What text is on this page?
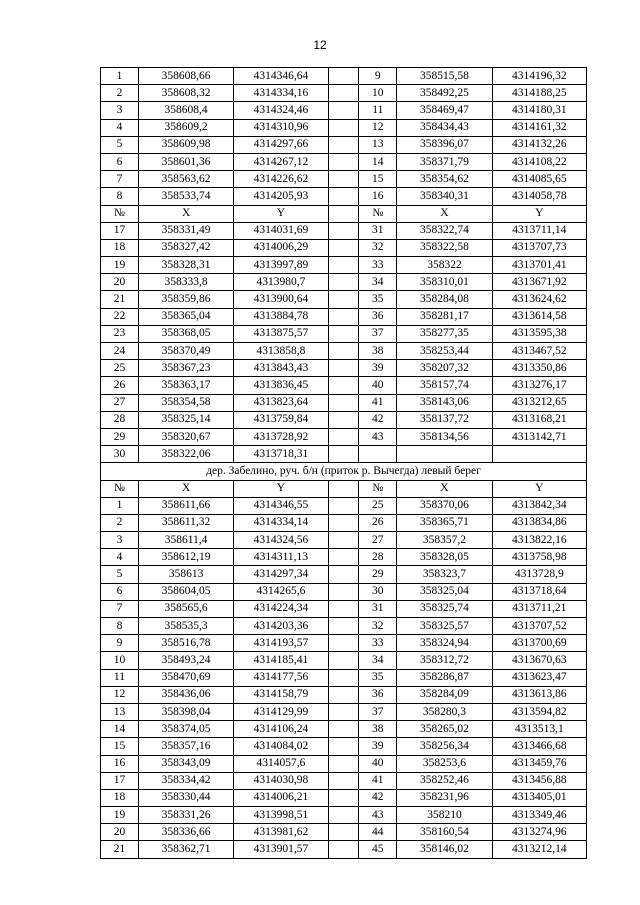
12
1	358608,66	4314346,64		9	358515,58	4314196,32
2	358608,32	4314334,16		10	358492,25	4314188,25
3	358608,4	4314324,46		11	358469,47	4314180,31
4	358609,2	4314310,96		12	358434,43	4314161,32
5	358609,98	4314297,66		13	358396,07	4314132,26
6	358601,36	4314267,12		14	358371,79	4314108,22
7	358563,62	4314226,62		15	358354,62	4314085,65
8	358533,74	4314205,93		16	358340,31	4314058,78
№	X	Y		№	X	Y
17	358331,49	4314031,69		31	358322,74	4313711,14
18	358327,42	4314006,29		32	358322,58	4313707,73
19	358328,31	4313997,89		33	358322	4313701,41
20	358333,8	4313980,7		34	358310,01	4313671,92
21	358359,86	4313900,64		35	358284,08	4313624,62
22	358365,04	4313884,78		36	358281,17	4313614,58
23	358368,05	4313875,57		37	358277,35	4313595,38
24	358370,49	4313858,8		38	358253,44	4313467,52
25	358367,23	4313843,43		39	358207,32	4313350,86
26	358363,17	4313836,45		40	358157,74	4313276,17
27	358354,58	4313823,64		41	358143,06	4313212,65
28	358325,14	4313759,84		42	358137,72	4313168,21
29	358320,67	4313728,92		43	358134,56	4313142,71
30	358322,06	4313718,31				
дер. Забелино, руч. б/н (приток р. Вычегда) левый берег						
№	X	Y		№	X	Y
1	358611,66	4314346,55		25	358370,06	4313842,34
2	358611,32	4314334,14		26	358365,71	4313834,86
3	358611,4	4314324,56		27	358357,2	4313822,16
4	358612,19	4314311,13		28	358328,05	4313758,98
5	358613	4314297,34		29	358323,7	4313728,9
6	358604,05	4314265,6		30	358325,04	4313718,64
7	358565,6	4314224,34		31	358325,74	4313711,21
8	358535,3	4314203,36		32	358325,57	4313707,52
9	358516,78	4314193,57		33	358324,94	4313700,69
10	358493,24	4314185,41		34	358312,72	4313670,63
11	358470,69	4314177,56		35	358286,87	4313623,47
12	358436,06	4314158,79		36	358284,09	4313613,86
13	358398,04	4314129,99		37	358280,3	4313594,82
14	358374,05	4314106,24		38	358265,02	4313513,1
15	358357,16	4314084,02		39	358256,34	4313466,68
16	358343,09	4314057,6		40	358253,6	4313459,76
17	358334,42	4314030,98		41	358252,46	4313456,88
18	358330,44	4314006,21		42	358231,96	4313405,01
19	358331,26	4313998,51		43	358210	4313349,46
20	358336,66	4313981,62		44	358160,54	4313274,96
21	358362,71	4313901,57		45	358146,02	4313212,14
